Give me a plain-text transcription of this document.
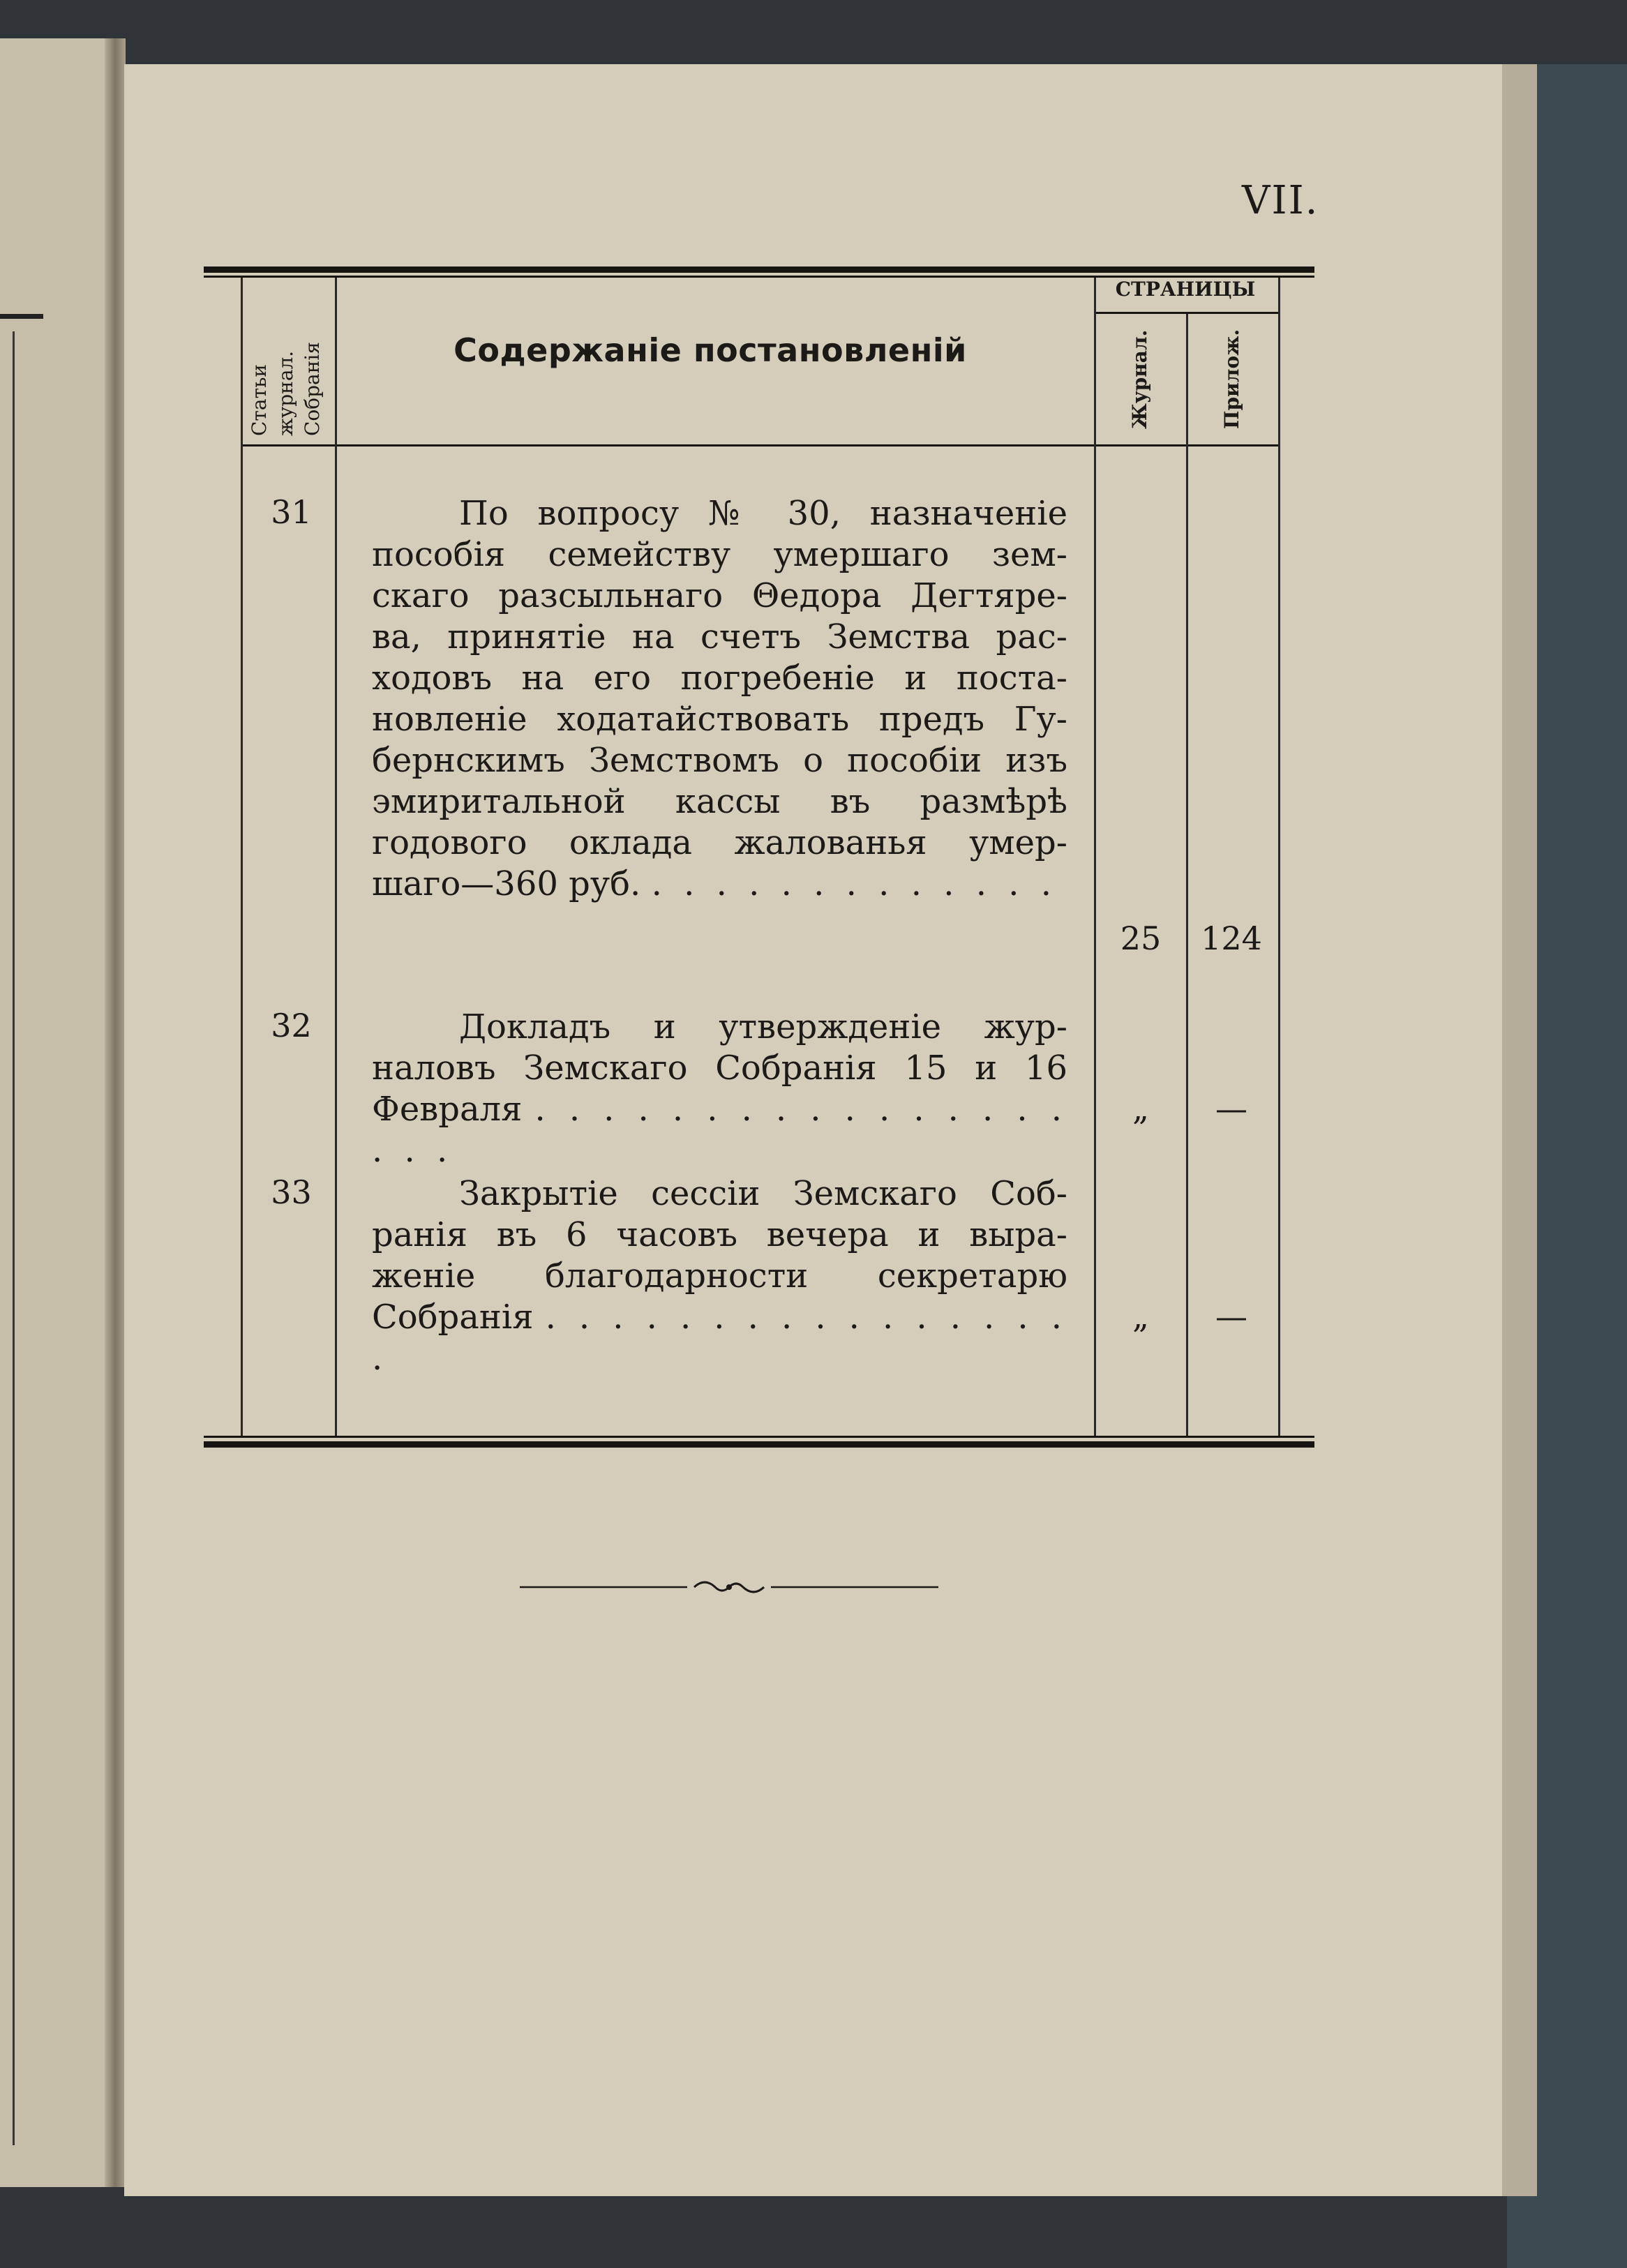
VII.
Статьи журнал. Собранія	Содержаніе постановленій
СТРАНИЦЫ
Журнал.	Прилож.
31	По вопросу № 30, назначеніе

пособія семейству умершаго зем-

скаго разсыльнаго Θедора Дегтяре-

ва, принятіе на счетъ Земства рас-

ходовъ на его погребеніе и поста-

новленіе ходатайствовать предъ Гу-

бернскимъ Земствомъ о пособіи изъ

эмиритальной кассы въ размѣрѣ

годового оклада жалованья умер-

шаго—360 руб. . . . . . . . . . . . . .

25	124
32	Докладъ и утвержденіе жур-

наловъ Земскаго Собранія 15 и 16

Февраля . . . . . . . . . . . . . . . . . . .

„	—
33	Закрытіе сессіи Земскаго Соб-

ранія въ 6 часовъ вечера и выра-

женіе благодарности секретарю

Собранія . . . . . . . . . . . . . . . . .

„	—
